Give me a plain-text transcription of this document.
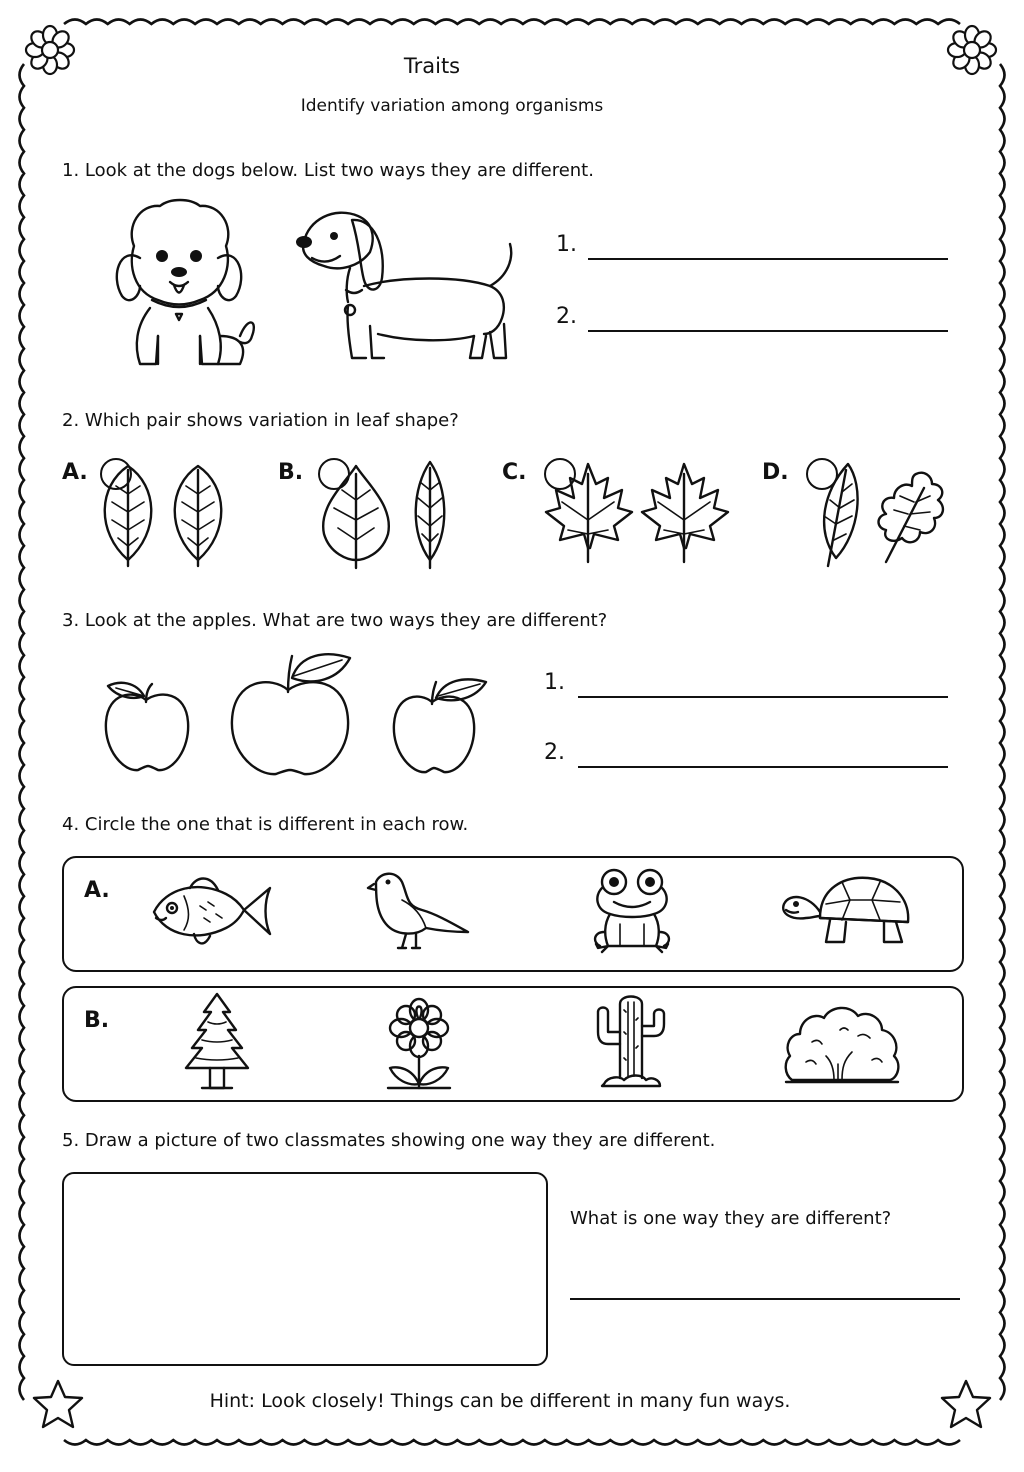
Traits
Identify variation among organisms
1. Look at the dogs below. List two ways they are different.
1.
2.
2. Which pair shows variation in leaf shape?
A.	B.	C.	D.
3. Look at the apples. What are two ways they are different?
1.
2.
4. Circle the one that is different in each row.
A.
B.
5. Draw a picture of two classmates showing one way they are different.
What is one way they are different?
Hint: Look closely! Things can be different in many fun ways.
